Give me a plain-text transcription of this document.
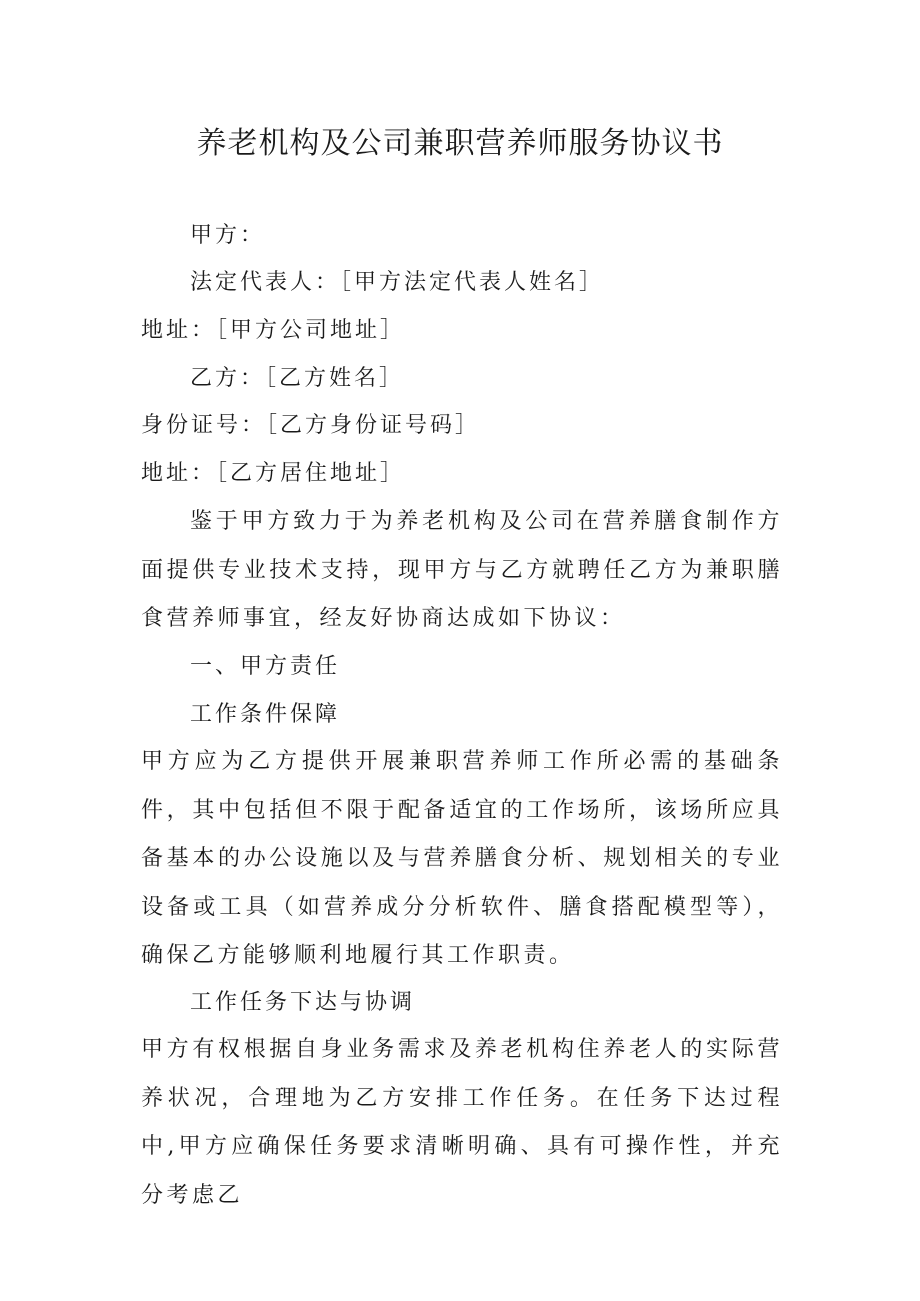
养老机构及公司兼职营养师服务协议书
甲方：
法定代表人：［甲方法定代表人姓名］
地址：［甲方公司地址］
乙方：［乙方姓名］
身份证号：［乙方身份证号码］
地址：［乙方居住地址］
鉴于甲方致力于为养老机构及公司在营养膳食制作方面提供专业技术支持，现甲方与乙方就聘任乙方为兼职膳食营养师事宜，经友好协商达成如下协议：
一、甲方责任
工作条件保障
甲方应为乙方提供开展兼职营养师工作所必需的基础条件，其中包括但不限于配备适宜的工作场所，该场所应具备基本的办公设施以及与营养膳食分析、规划相关的专业设备或工具（如营养成分分析软件、膳食搭配模型等），确保乙方能够顺利地履行其工作职责。
工作任务下达与协调
甲方有权根据自身业务需求及养老机构住养老人的实际营养状况，合理地为乙方安排工作任务。在任务下达过程中,甲方应确保任务要求清晰明确、具有可操作性，并充分考虑乙
